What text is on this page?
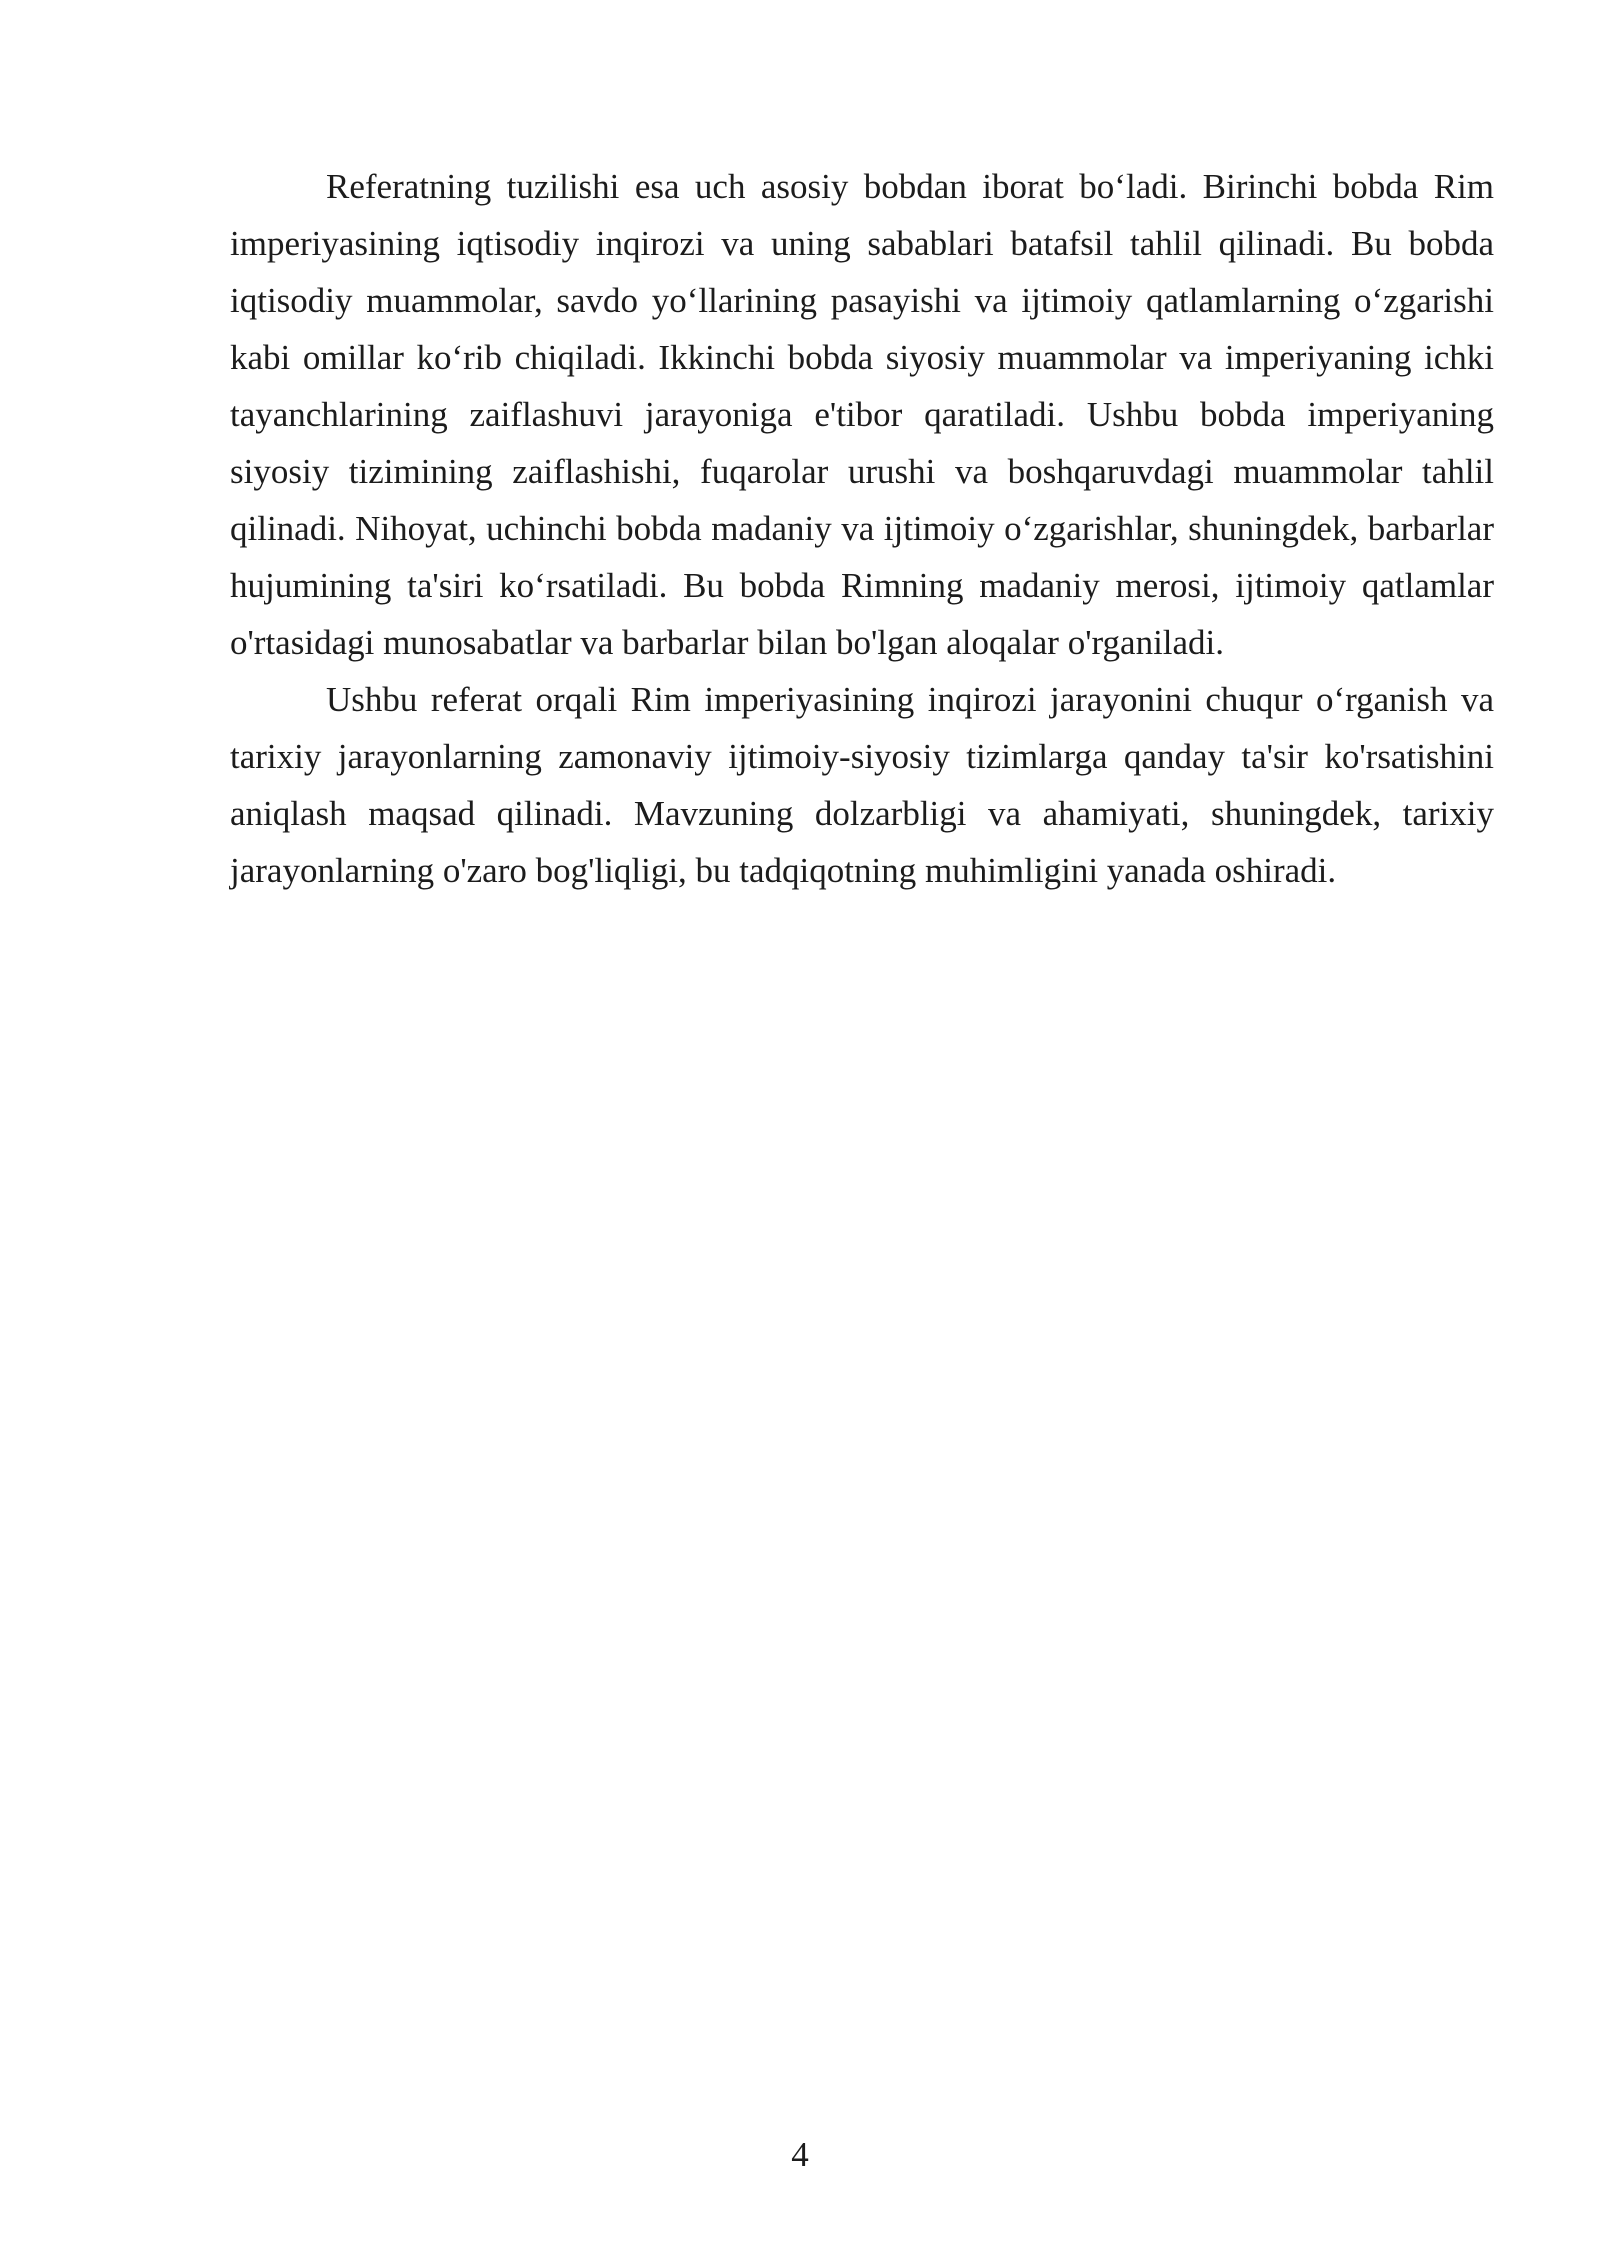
Referatning tuzilishi esa uch asosiy bobdan iborat bo‘ladi. Birinchi bobda Rim imperiyasining iqtisodiy inqirozi va uning sabablari batafsil tahlil qilinadi. Bu bobda iqtisodiy muammolar, savdo yo‘llarining pasayishi va ijtimoiy qatlamlarning o‘zgarishi kabi omillar ko‘rib chiqiladi. Ikkinchi bobda siyosiy muammolar va imperiyaning ichki tayanchlarining zaiflashuvi jarayoniga e'tibor qaratiladi. Ushbu bobda imperiyaning siyosiy tizimining zaiflashishi, fuqarolar urushi va boshqaruvdagi muammolar tahlil qilinadi. Nihoyat, uchinchi bobda madaniy va ijtimoiy o‘zgarishlar, shuningdek, barbarlar hujumining ta'siri ko‘rsatiladi. Bu bobda Rimning madaniy merosi, ijtimoiy qatlamlar o'rtasidagi munosabatlar va barbarlar bilan bo'lgan aloqalar o'rganiladi.

Ushbu referat orqali Rim imperiyasining inqirozi jarayonini chuqur o‘rganish va tarixiy jarayonlarning zamonaviy ijtimoiy-siyosiy tizimlarga qanday ta'sir ko'rsatishini aniqlash maqsad qilinadi. Mavzuning dolzarbligi va ahamiyati, shuningdek, tarixiy jarayonlarning o'zaro bog'liqligi, bu tadqiqotning muhimligini yanada oshiradi.

4
